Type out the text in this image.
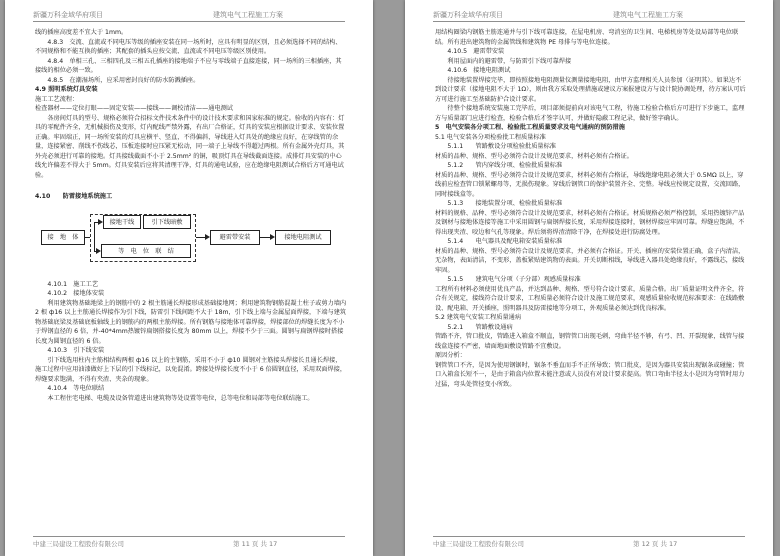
新疆万科金域华府项目	建筑电气工程施工方案

线的插座高度差不宜大于 1mm。

4.8.3　交流、直流或不同电压等级的插座安装在同一场所时，应具有明显的区别，且必须选择不同的结构、不同规格和不能互换的插座；其配套的插头应按交流、直流或不同电压等级区别使用。

4.8.4　单相三孔、三相四孔及三相五孔插座的接地端子不应与零线端子直接连接，同一场所的三相插座，其接线的相位必须一致。

4.8.5　在潮湿场所，应采用密封良好的防水防溅插座。

4.9 照明系统灯具安装

施工工艺流程：

检查器材——定位打眼——固定安装——接线——调校清洁——通电测试

各房间灯具的型号、规格必须符合招标文件技术条件中的设计技术要求和国家标准的规定。验收的内容有：灯具的零配件齐全，无机械损伤及变形，灯内配线严禁外露，有出厂合格证，灯具的安装应根据设计要求、安装位置正确。牢固端正，同一场所安装的灯具应横平、竖直，不得偏斜，导线进入灯具处的绝缘应良好，在穿线管的余量，连接紧密、削线不伤线芯，压板连接时应压紧无松动，同一端子上导线不得超过两根。所有金属外壳灯具，其外壳必须进行可靠的接地。灯具接线截面不小于 2.5mm² 的铜，吸顶灯具在导线截面连接。成排灯具安装的中心线允许偏差不得大于 5mm。灯具安装后应将其清理干净，灯具的通电试验，应在绝缘电阻测试合格后方可通电试验。

4.10　　防雷接地系统施工

接　地　体
接地干线	引下线暗敷
等　电　位　联　结
避雷带安装	接地电阻测试

4.10.1　施工工艺

4.10.2　接地体安装

利用建筑物基础地梁上的钢筋中的 2 根主筋通长焊接形成基础接地网；利用建筑物钢筋混凝土柱子或剪力墙内 2 根 ф16 以上主筋通长焊接作为引下线，防雷引下线间距不大于 18m，引下线上端与金属屋面焊接，下端与建筑物基础底梁及基础底板轴线上的钢筋内的两根主筋焊接。所有钢筋与接地体可靠焊接，焊接部位的焊缝长度为不小于焊钢直径的 6 倍，并-40*4mm热镀锌扁钢搭接长度为 80mm 以上，焊接不少于三面。圆钢与扁钢焊接时搭接长度为圆钢直径的 6 倍。

4.10.3　引下线安装

引下线选用柱内主筋相结构两根 ф16 以上的主钢筋，采用不小于 ф10 圆钢对主筋接头焊接长且通长焊接，施工过程中应用油漆做好上下层的引下线标记，以免混淆。跨接处焊接长度不小于 6 倍圆钢直径，采用双面焊接，焊缝要求饱满，不得有夹渣、夹杂的现象。

4.10.4　等电位联结

本工程住宅电梯、电缆及设备管道进出建筑物等处设置等电位，总等电位和局部等电位联结施工。

中建三局建设工程股份有限公司	第 11 页 共 17
新疆万科金域华府项目	建筑电气工程施工方案

用结构圈梁内钢筋主筋连通并与引下线可靠连接，在屋电机房、弯消室的卫生间、电梯机房等处设局部等电位联结。所有进出建筑物的金属管线和建筑物 PE 母排与等电位连接。

4.10.5　避雷带安装

利用屋面内的避雷带，与防雷引下线可靠焊接

4.10.6　接地电阻测试

待接地装置焊接完毕，即按照接地电阻测量仪测量接地电阻，由甲方监理相关人员参加（证明其）。如果达不到设计要求（接地电阻不大于 1Ω），则由我方采取处理措施或建议方案报建设方与设计院协调处理，待方案认可后方可进行施工至基础防护合设计要求。

待整个接地系统安装施工完毕后，项目部须提前向对该电气工程，待施工检验合格后方可进行下步施工，监理方与质量部门应进行检查，检验合格后才签字认可，并做好隐蔽工程记录，做好签字确认。

5　电气安装各分项工程、检验批工程质量要求及电气通病的预防措施

5.1 电气安装各分项检验批工程质量标准

5.1.1　　管路敷设分项检验批质量标准

材质的品种、规格、型号必须符合设计及规范要求，材料必须有合格证。

5.1.2　　管内穿线分项、检验批质量标准

材质的品种、规格、型号必须符合设计及规范要求，材料必须有合格证，导线绝缘电阻必须大于 0.5MΩ 以上，穿线前应检查管口锁紧螺母等，无损伤现象。穿线后钢管口的保护装置齐全、完整。导线应按规定设置，交流回路，同时接线盒等。

5.1.3　　接地装置分项、检验批质量标准

材料的规格、品种、型号必须符合设计及规范要求，材料必须有合格证。材质规格必须严格控制，采用热镀锌产品及钢材与接地体连接等施工中采用圆钢与扁钢焊接长度，采用焊接连接时，钢材焊接应牢固可靠。焊缝应饱满，不得出现夹渣、咬边和气孔等现象。焊后须将焊渣清除干净，在焊接处进行防腐处理。

5.1.4　　电气器具及配电箱安装质量标准

材质的品种、规格、型号必须符合设计及规范要求，并必须有合格证。开关、插座的安装位置正确，盒子内清洁，无杂物，表面清洁，不变形，盖板紧贴建筑物的表面。开关切断相线，导线进入器具处绝缘良好，不露线芯，接线牢固。

5.1.5　　建筑电气分项（子分部）观感质量标准

工程所有材料必须使用优良产品，并达到品种、规格、型号符合设计要求，质量合格。出厂质量证明文件齐全，符合有关规定，接线符合设计要求，工程质量必须符合设计及施工规范要求，观感质量验收规范标准要求：在线路敷设、配电箱、开关插座，照明器具及防雷接地等分项工，外观质量必须达到优良标准。

5.2 建筑电气安装工程质量通病

5.2.1　　管路敷设通病

管路不齐，管口批皮，管路进入箱盒不顺直，钢管管口出现毛刺，弯曲半径不够，有弓、凹、开裂现象，线管与接线盒连接不严密，墙面地面敷设管路不宜敷设。

原因分析：

钢管管口不齐，是因为使用钢锯时，锯条不垂直而手不正所导致；管口批皮，是因为器具安装出现锯条或碰撞；管口入箱盒长短不一，是由于箱盒内位置未能注意或人员没有对设计要求提高。管口弯曲半径太小是因为弯管时用力过猛，弯头处管径变小所致。

中建三局建设工程股份有限公司	第 12 页 共 17
